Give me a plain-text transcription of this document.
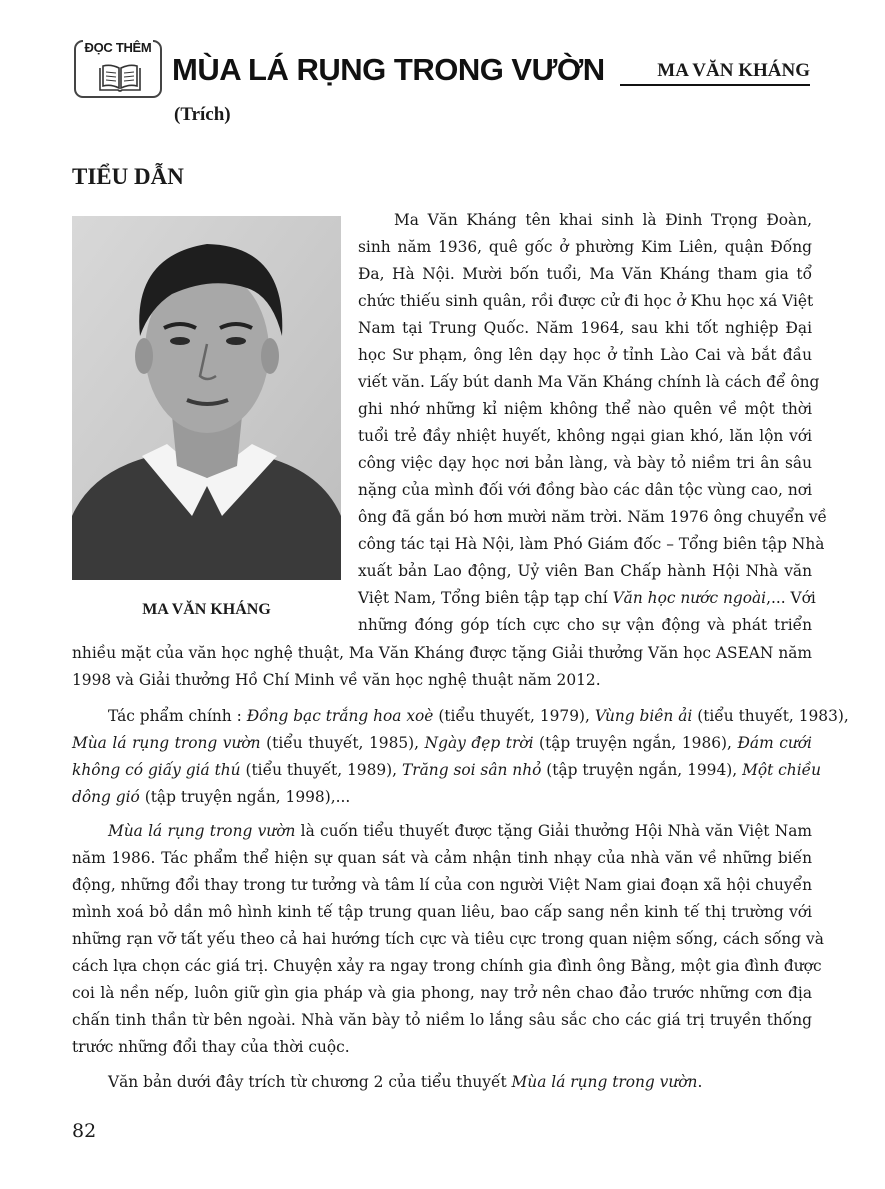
ĐỌC THÊM
MÙA LÁ RỤNG TRONG VƯỜN	MA VĂN KHÁNG
(Trích)
TIỂU DẪN
MA VĂN KHÁNG
Ma Văn Kháng tên khai sinh là Đinh Trọng Đoàn,
sinh năm 1936, quê gốc ở phường Kim Liên, quận Đống
Đa, Hà Nội. Mười bốn tuổi, Ma Văn Kháng tham gia tổ
chức thiếu sinh quân, rồi được cử đi học ở Khu học xá Việt
Nam tại Trung Quốc. Năm 1964, sau khi tốt nghiệp Đại
học Sư phạm, ông lên dạy học ở tỉnh Lào Cai và bắt đầu
viết văn. Lấy bút danh Ma Văn Kháng chính là cách để ông
ghi nhớ những kỉ niệm không thể nào quên về một thời
tuổi trẻ đầy nhiệt huyết, không ngại gian khó, lăn lộn với
công việc dạy học nơi bản làng, và bày tỏ niềm tri ân sâu
nặng của mình đối với đồng bào các dân tộc vùng cao, nơi
ông đã gắn bó hơn mười năm trời. Năm 1976 ông chuyển về
công tác tại Hà Nội, làm Phó Giám đốc – Tổng biên tập Nhà
xuất bản Lao động, Uỷ viên Ban Chấp hành Hội Nhà văn
Việt Nam, Tổng biên tập tạp chí Văn học nước ngoài,... Với
những đóng góp tích cực cho sự vận động và phát triển
nhiều mặt của văn học nghệ thuật, Ma Văn Kháng được tặng Giải thưởng Văn học ASEAN năm
1998 và Giải thưởng Hồ Chí Minh về văn học nghệ thuật năm 2012.
Tác phẩm chính : Đồng bạc trắng hoa xoè (tiểu thuyết, 1979), Vùng biên ải (tiểu thuyết, 1983),
Mùa lá rụng trong vườn (tiểu thuyết, 1985), Ngày đẹp trời (tập truyện ngắn, 1986), Đám cưới
không có giấy giá thú (tiểu thuyết, 1989), Trăng soi sân nhỏ (tập truyện ngắn, 1994), Một chiều
dông gió (tập truyện ngắn, 1998),...
Mùa lá rụng trong vườn là cuốn tiểu thuyết được tặng Giải thưởng Hội Nhà văn Việt Nam
năm 1986. Tác phẩm thể hiện sự quan sát và cảm nhận tinh nhạy của nhà văn về những biến
động, những đổi thay trong tư tưởng và tâm lí của con người Việt Nam giai đoạn xã hội chuyển
mình xoá bỏ dần mô hình kinh tế tập trung quan liêu, bao cấp sang nền kinh tế thị trường với
những rạn vỡ tất yếu theo cả hai hướng tích cực và tiêu cực trong quan niệm sống, cách sống và
cách lựa chọn các giá trị. Chuyện xảy ra ngay trong chính gia đình ông Bằng, một gia đình được
coi là nền nếp, luôn giữ gìn gia pháp và gia phong, nay trở nên chao đảo trước những cơn địa
chấn tinh thần từ bên ngoài. Nhà văn bày tỏ niềm lo lắng sâu sắc cho các giá trị truyền thống
trước những đổi thay của thời cuộc.
Văn bản dưới đây trích từ chương 2 của tiểu thuyết Mùa lá rụng trong vườn.
82
